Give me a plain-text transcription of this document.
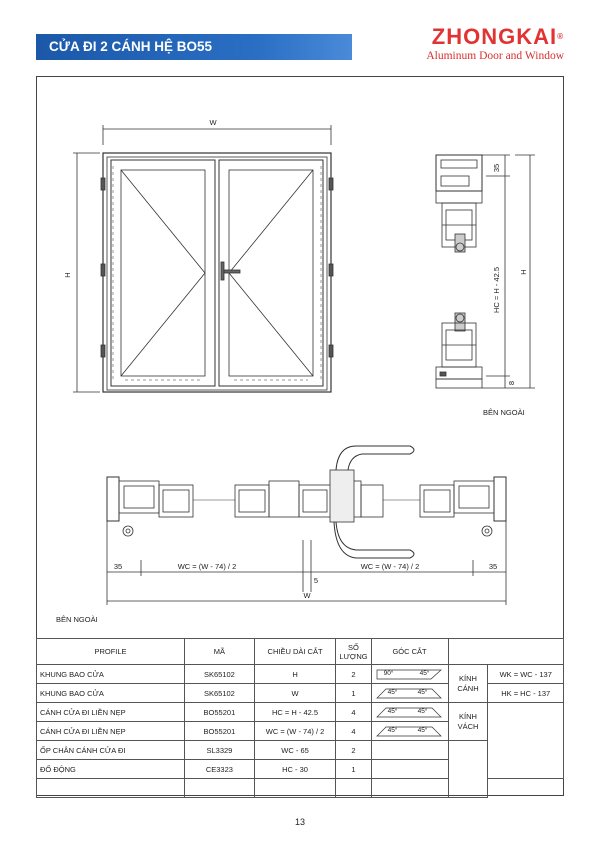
CỬA ĐI 2 CÁNH HỆ BO55	ZHONGKAI®
Aluminum Door and Window
W
H
35
HC = H - 42.5
8
H
BÊN NGOÀI
35	WC = (W - 74) / 2
5
WC = (W - 74) / 2	35
W
BÊN NGOÀI
PROFILE	MÃ	CHIỀU DÀI CẮT	SỐ LƯỢNG	GÓC CẮT		
KHUNG BAO CỬA	SK65102	H	2	90° 45°	KÍNH CÁNH	WK = WC - 137
KHUNG BAO CỬA	SK65102	W	1	45° 45°		HK = HC - 137
CÁNH CỬA ĐI LIỀN NẸP	BO55201	HC = H - 42.5	4	45° 45°	KÍNH VÁCH	
CÁNH CỬA ĐI LIỀN NẸP	BO55201	WC = (W - 74) / 2	4	45° 45°		

ỐP CHÂN CÁNH CỬA ĐI	SL3329	WC - 65	2			
ĐỐ ĐỘNG	CE3323	HC - 30	1			

13
